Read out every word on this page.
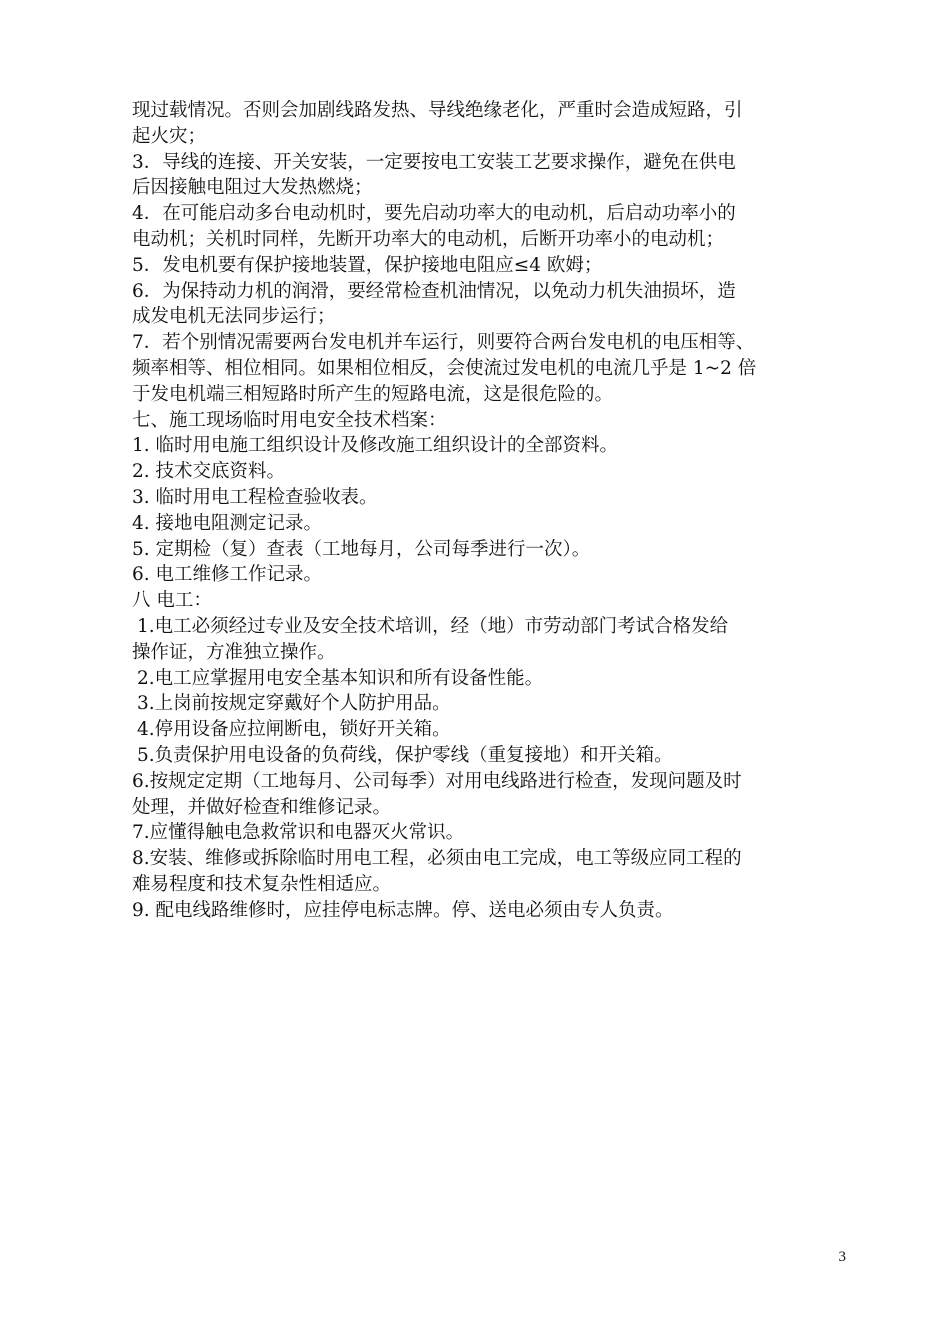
现过载情况。否则会加剧线路发热、导线绝缘老化，严重时会造成短路，引
起火灾；
3．导线的连接、开关安装，一定要按电工安装工艺要求操作，避免在供电
后因接触电阻过大发热燃烧；
4．在可能启动多台电动机时，要先启动功率大的电动机，后启动功率小的
电动机；关机时同样，先断开功率大的电动机，后断开功率小的电动机；
5．发电机要有保护接地装置，保护接地电阻应≤4 欧姆；
6．为保持动力机的润滑，要经常检查机油情况，以免动力机失油损坏，造
成发电机无法同步运行；
7．若个别情况需要两台发电机并车运行，则要符合两台发电机的电压相等、
频率相等、相位相同。如果相位相反，会使流过发电机的电流几乎是 1~2 倍
于发电机端三相短路时所产生的短路电流，这是很危险的。
七、施工现场临时用电安全技术档案：
1. 临时用电施工组织设计及修改施工组织设计的全部资料。
2. 技术交底资料。
3. 临时用电工程检查验收表。
4. 接地电阻测定记录。
5. 定期检（复）查表（工地每月，公司每季进行一次）。
6. 电工维修工作记录。
八 电工：
1.电工必须经过专业及安全技术培训，经（地）市劳动部门考试合格发给
操作证，方准独立操作。
2.电工应掌握用电安全基本知识和所有设备性能。
3.上岗前按规定穿戴好个人防护用品。
4.停用设备应拉闸断电，锁好开关箱。
5.负责保护用电设备的负荷线，保护零线（重复接地）和开关箱。
6.按规定定期（工地每月、公司每季）对用电线路进行检查，发现问题及时
处理，并做好检查和维修记录。
7.应懂得触电急救常识和电器灭火常识。
8.安装、维修或拆除临时用电工程，必须由电工完成，电工等级应同工程的
难易程度和技术复杂性相适应。
9. 配电线路维修时，应挂停电标志牌。停、送电必须由专人负责。
3
